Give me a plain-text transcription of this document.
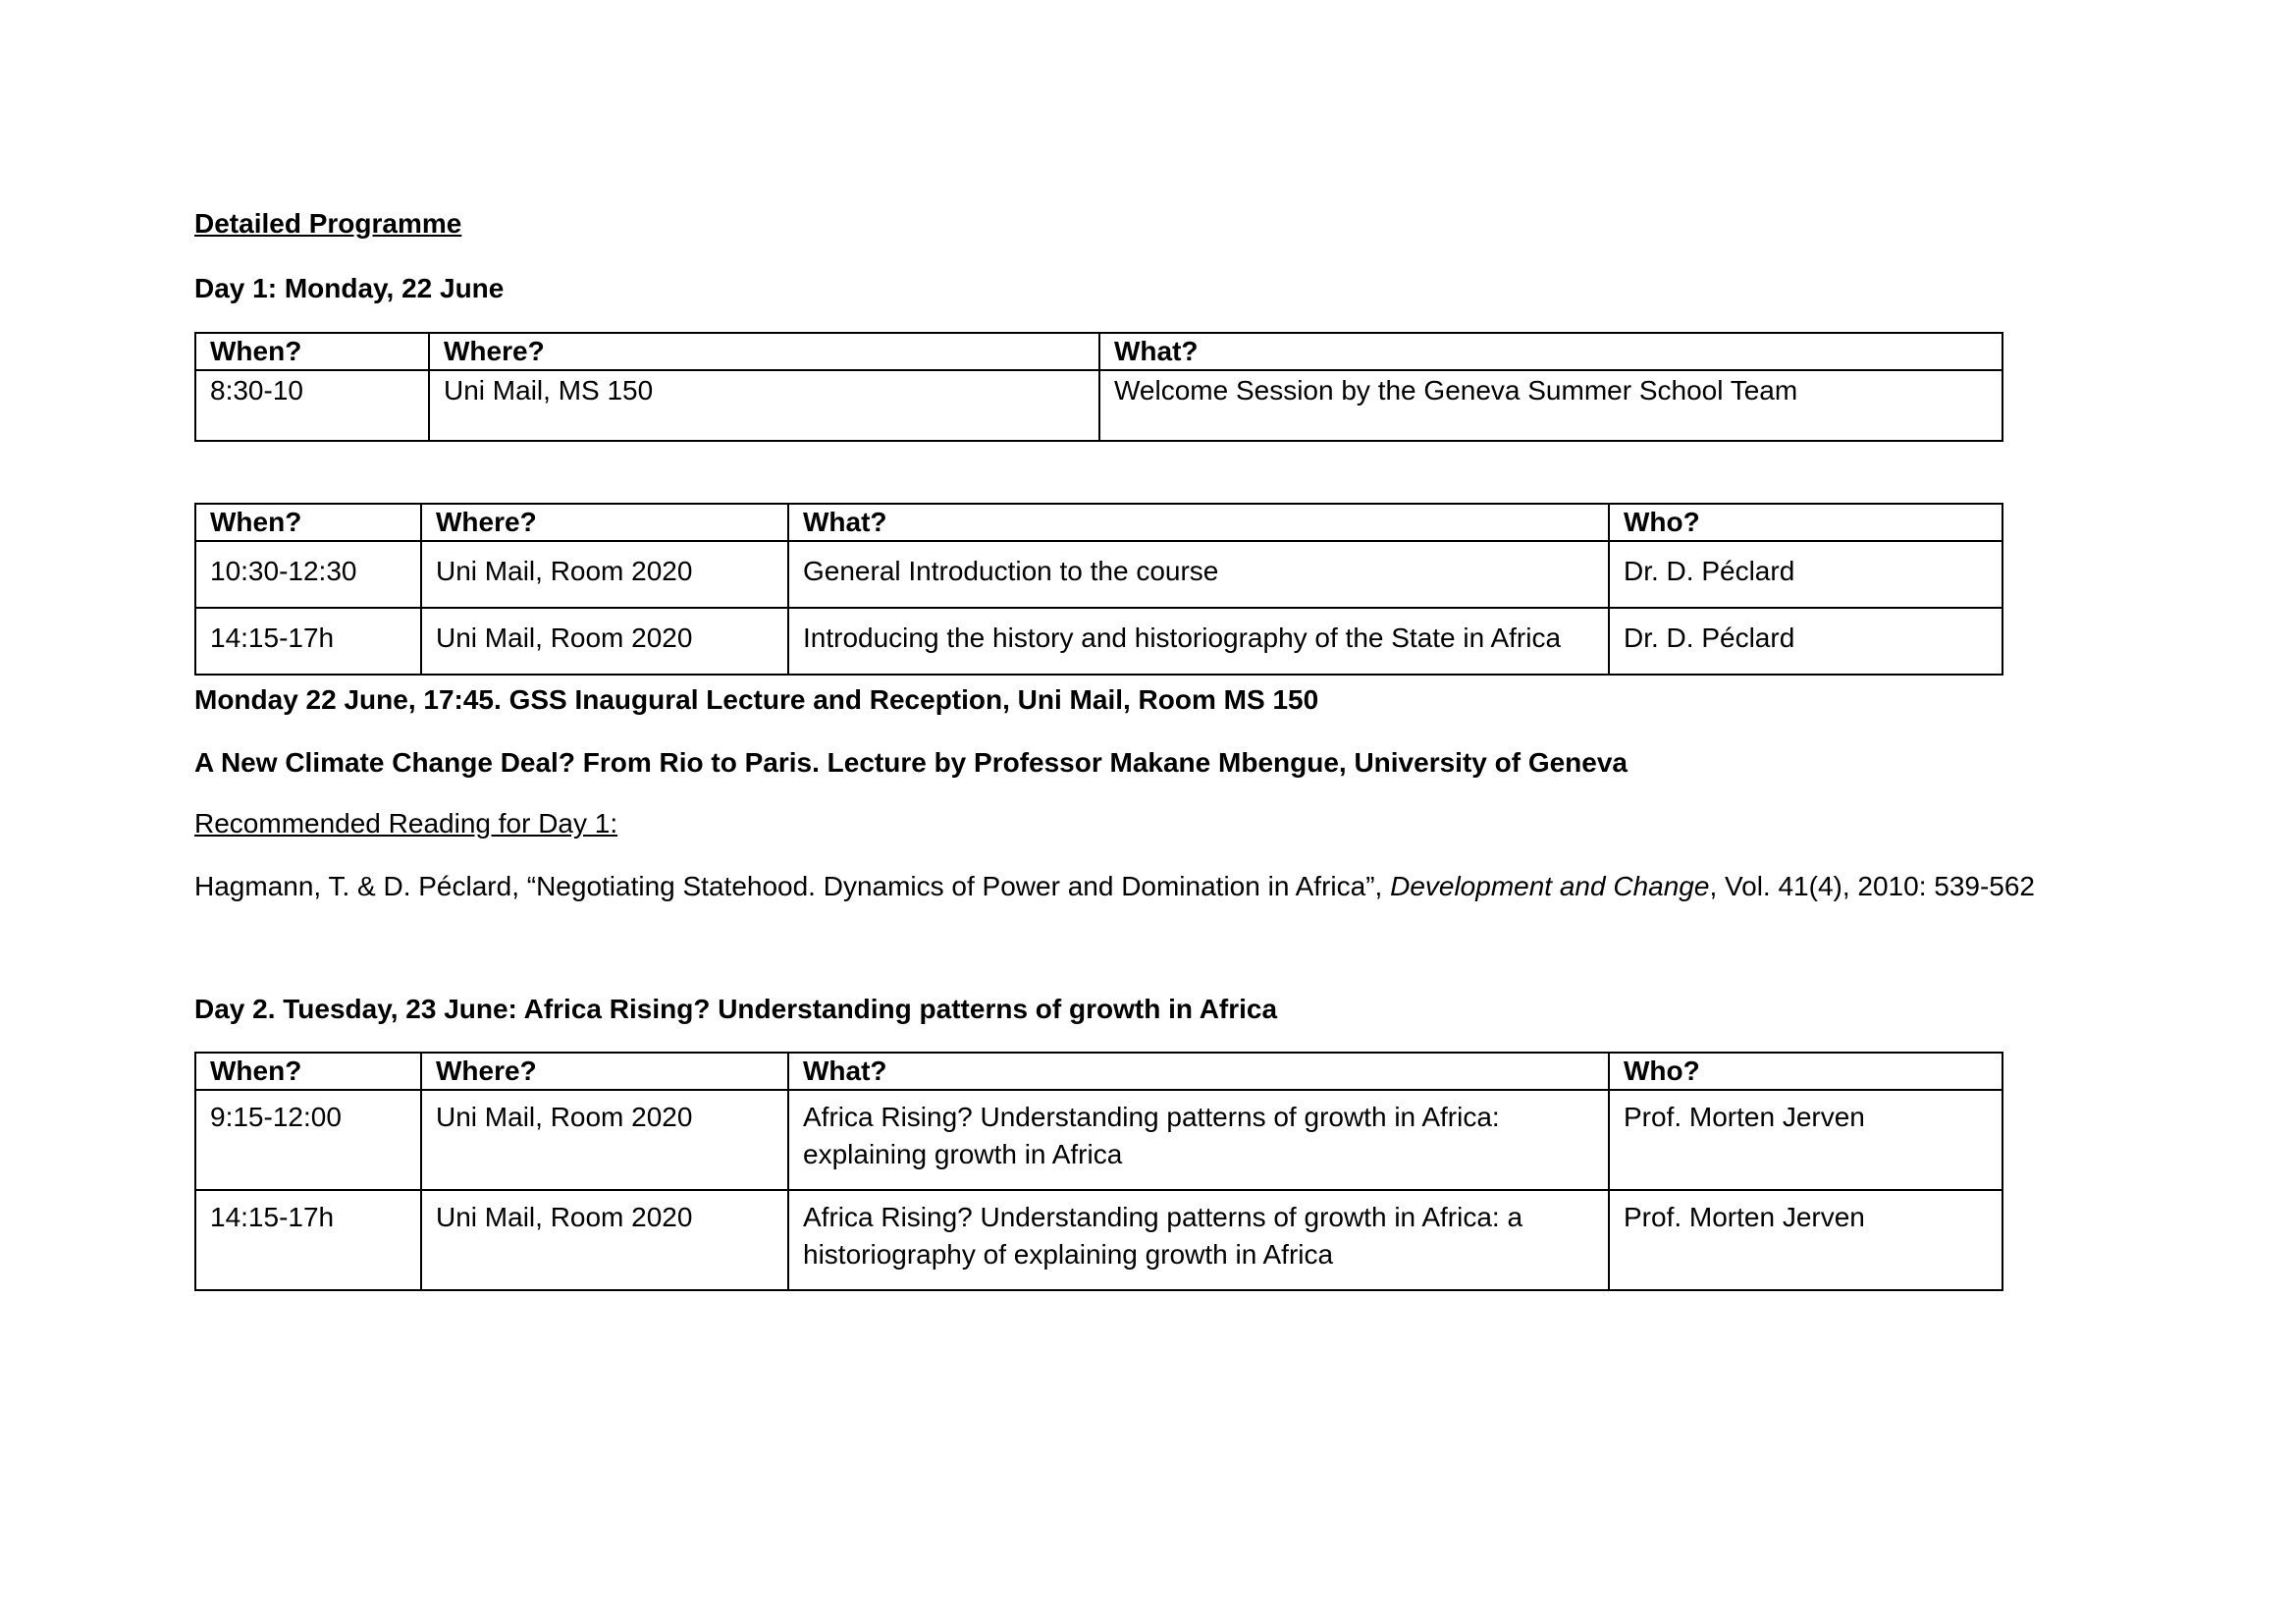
Detailed Programme
Day 1: Monday, 22 June
When?	Where?	What?
8:30-10	Uni Mail, MS 150	Welcome Session by the Geneva Summer School Team
When?	Where?	What?	Who?
10:30-12:30	Uni Mail, Room 2020	General Introduction to the course	Dr. D. Péclard
14:15-17h	Uni Mail, Room 2020	Introducing the history and historiography of the State in Africa	Dr. D. Péclard
Monday 22 June, 17:45. GSS Inaugural Lecture and Reception, Uni Mail, Room MS 150
A New Climate Change Deal? From Rio to Paris. Lecture by Professor Makane Mbengue, University of Geneva
Recommended Reading for Day 1:
Hagmann, T. & D. Péclard, “Negotiating Statehood. Dynamics of Power and Domination in Africa”, Development and Change, Vol. 41(4), 2010: 539-562
Day 2. Tuesday, 23 June: Africa Rising? Understanding patterns of growth in Africa
When?	Where?	What?	Who?
9:15-12:00	Uni Mail, Room 2020	Africa Rising? Understanding patterns of growth in Africa: explaining growth in Africa	Prof. Morten Jerven
14:15-17h	Uni Mail, Room 2020	Africa Rising? Understanding patterns of growth in Africa: a historiography of explaining growth in Africa	Prof. Morten Jerven
